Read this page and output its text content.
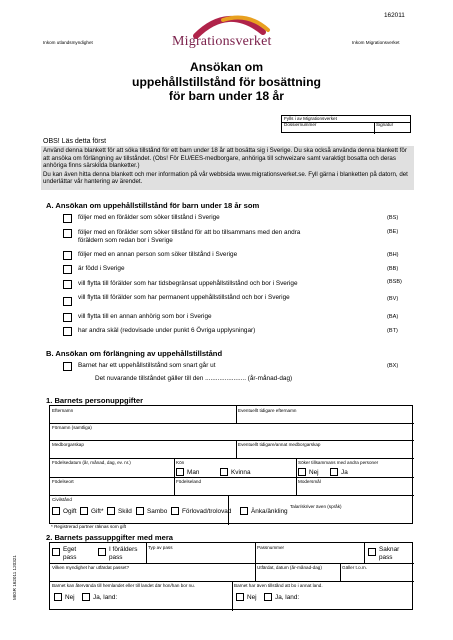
162011
Inkom utlandsmyndighet	Inkom Migrationsverket
Migrationsverket
Ansökan om
uppehållstillstånd för bosättning
för barn under 18 år
Fylls i av Migrationsverket
Dossiernummer	Signatur
OBS! Läs detta först
Använd denna blankett för att söka tillstånd för ett barn under 18 år att bosätta sig i Sverige. Du ska också använda denna blankett för att ansöka om förlängning av tillståndet. (Obs! För EU/EES-medborgare, anhöriga till schweizare samt varaktigt bosatta och deras anhöriga finns särskilda blanketter.)
Du kan även hitta denna blankett och mer information på vår webbsida www.migrationsverket.se. Fyll gärna i blanketten på datorn, det underlättar vår hantering av ärendet.
A. Ansökan om uppehållstillstånd för barn under 18 år som
följer med en förälder som söker tillstånd i Sverige	(BS)
följer med en förälder som söker tillstånd för att bo tillsammans med den andra föräldern som redan bor i Sverige
(BE)
följer med en annan person som söker tillstånd i Sverige	(BH)
är född i Sverige	(BB)
vill flytta till förälder som har tidsbegränsat uppehållstillstånd och bor i Sverige	(BSB)
vill flytta till förälder som har permanent uppehållstillstånd och bor i Sverige	(BV)
vill flytta till en annan anhörig som bor i Sverige	(BA)
har andra skäl (redovisade under punkt 6 Övriga upplysningar)	(BT)
B. Ansökan om förlängning av uppehållstillstånd
Barnet har ett uppehållstillstånd som snart går ut	(BX)
Det nuvarande tillståndet gäller till den ....................... (år-månad-dag)
1. Barnets personuppgifter
Efternamn	Eventuellt tidigare efternamn
Förnamn (samtliga)
Medborgarskap	Eventuellt tidigare/annat medborgarskap
Födelsedatum (år, månad, dag, ev. nr.)	Kön
Man	Kvinna
Söker tillsammans med andra personer
Nej	Ja
Födelseort	Födelseland	Modersmål
Civilstånd
Talar/skriver även (språk)
Ogift Gift* Skild Sambo Förlovad/trolovad	Änka/änkling
* Registrerad partner räknas som gift
2. Barnets passuppgifter med mera
Eget pass
I förälders pass
Typ av pass	Passnummer	Saknar pass
Vilken myndighet har utfärdat passet?	Utfärdat, datum (år-månad-dag)	Gäller t.o.m.
Barnet kan återvända till hemlandet eller till landet där hon/han bor nu.
Nej	Ja, land:
Barnet har även tillstånd att bo i annat land.
Nej	Ja, land:
MIGR 162011 120321
